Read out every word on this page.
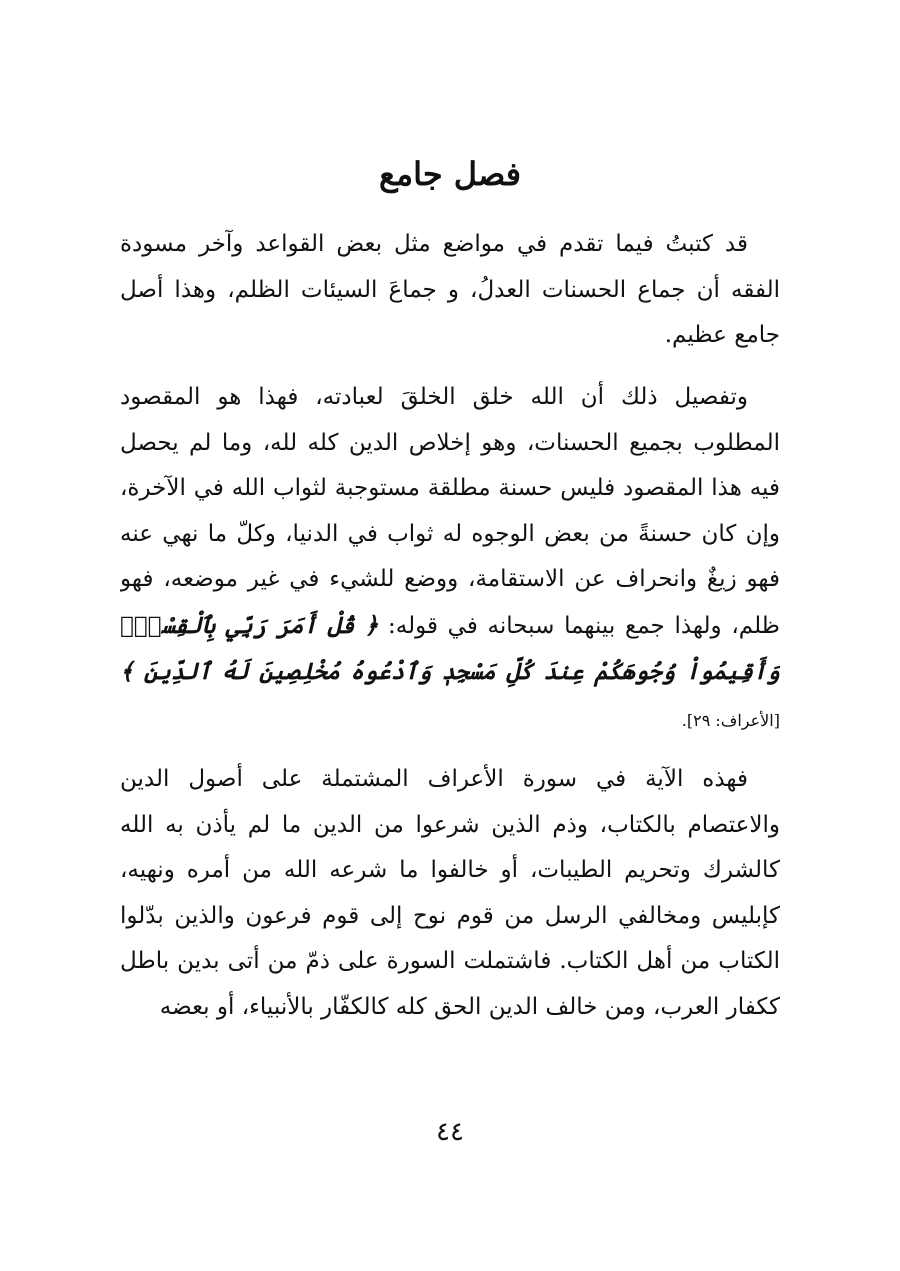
فصل جامع

قد كتبتُ فيما تقدم في مواضع مثل بعض القواعد وآخر مسودة الفقه أن جماع الحسنات العدلُ، و جماعَ السيئات الظلم، وهذا أصل جامع عظيم.

وتفصيل ذلك أن الله خلق الخلقَ لعبادته، فهذا هو المقصود المطلوب بجميع الحسنات، وهو إخلاص الدين كله لله، وما لم يحصل فيه هذا المقصود فليس حسنة مطلقة مستوجبة لثواب الله في الآخرة، وإن كان حسنةً من بعض الوجوه له ثواب في الدنيا، وكلّ ما نهي عنه فهو زيغٌ وانحراف عن الاستقامة، ووضع للشيء في غير موضعه، فهو ظلم، ولهذا جمع بينهما سبحانه في قوله: ﴿ قُلْ أَمَرَ رَبِّي بِٱلْقِسْطِۖ وَأَقِيمُواْ وُجُوهَكُمْ عِندَ كُلِّ مَسْجِدٖ وَٱدْعُوهُ مُخْلِصِينَ لَهُ ٱلدِّينَ ﴾ [الأعراف: ٢٩].

فهذه الآية في سورة الأعراف المشتملة على أصول الدين والاعتصام بالكتاب، وذم الذين شرعوا من الدين ما لم يأذن به الله كالشرك وتحريم الطيبات، أو خالفوا ما شرعه الله من أمره ونهيه، كإبليس ومخالفي الرسل من قوم نوح إلى قوم فرعون والذين بدّلوا الكتاب من أهل الكتاب. فاشتملت السورة على ذمّ من أتى بدين باطل ككفار العرب، ومن خالف الدين الحق كله كالكفّار بالأنبياء، أو بعضه

٤٤
